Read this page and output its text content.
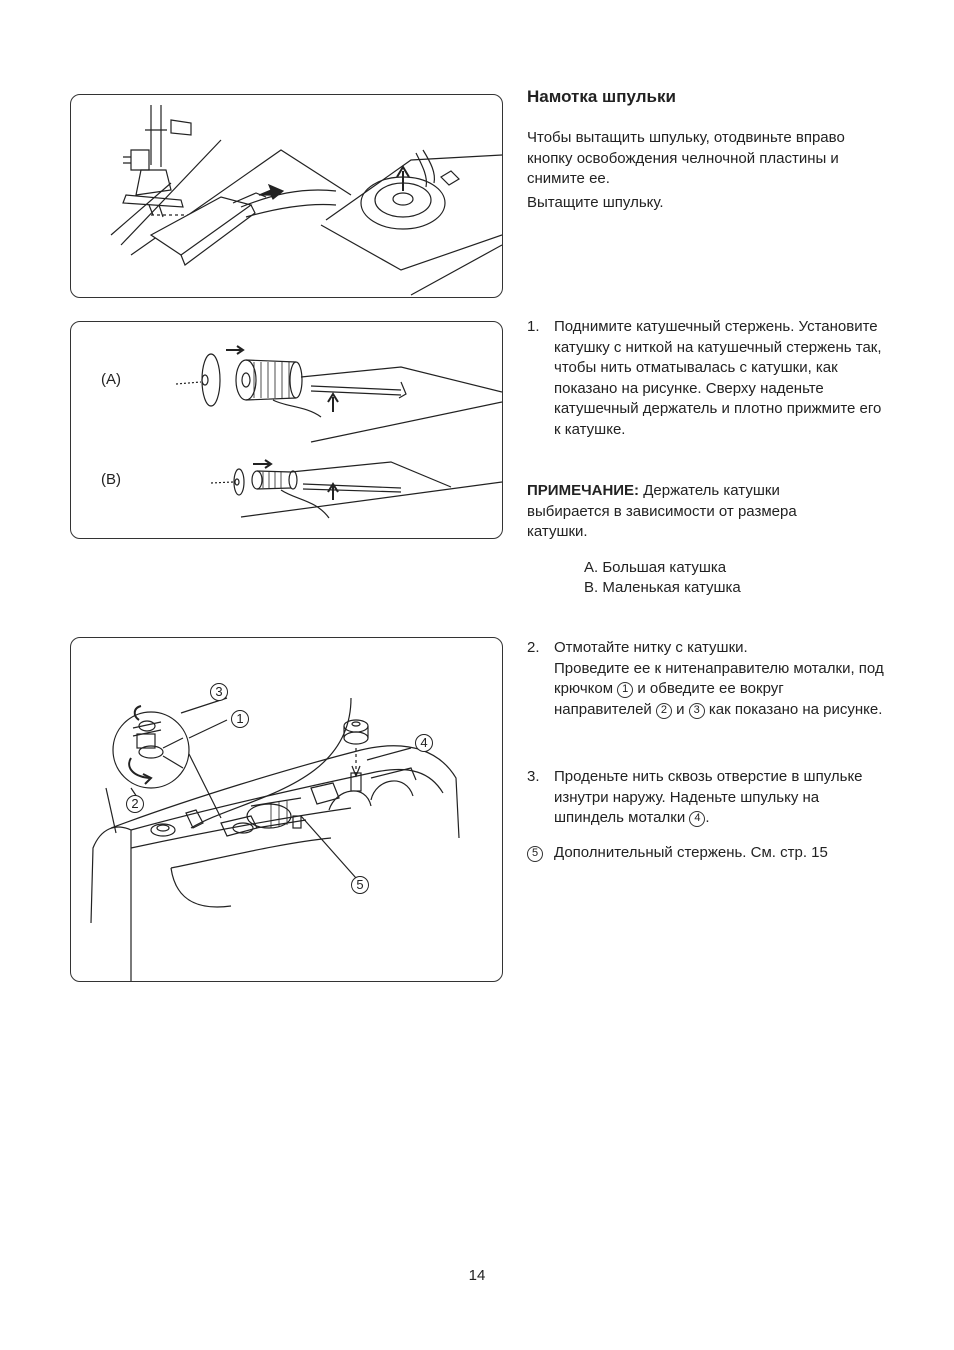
(A)
(B)
3
1
2
4
5
Намотка шпульки
Чтобы вытащить шпульку, отодвиньте вправо кнопку освобождения челночной пластины и снимите ее.
Вытащите шпульку.
1. Поднимите катушечный стержень. Установите катушку с ниткой на катушечный стержень так, чтобы нить отматывалась с катушки, как показано на рисунке. Сверху наденьте катушечный держатель и плотно прижмите его к катушке.
ПРИМЕЧАНИЕ: Держатель катушки выбирается в зависимости от размера катушки.
A. Большая катушка
B. Маленькая катушка
2. Отмотайте нитку с катушки.
Проведите ее к нитенаправителю моталки, под крючком 1 и обведите ее вокруг направителей 2 и 3 как показано на рисунке.
3. Проденьте нить сквозь отверстие в шпульке изнутри наружу. Наденьте шпульку на шпиндель моталки 4 .
5	Дополнительный стержень. См. стр. 15
14
